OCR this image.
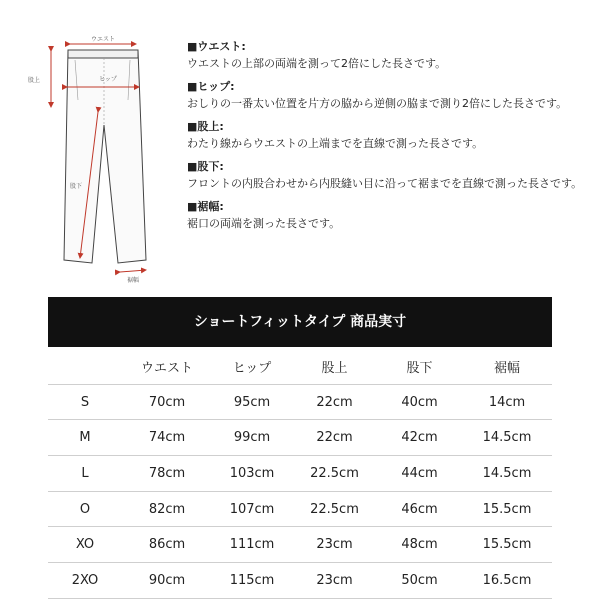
ウエスト
ヒップ
股上
股下
裾幅
■ウエスト:
ウエストの上部の両端を測って2倍にした長さです。
■ヒップ:
おしりの一番太い位置を片方の脇から逆側の脇まで測り2倍にした長さです。
■股上:
わたり線からウエストの上端までを直線で測った長さです。
■股下:
フロントの内股合わせから内股縫い目に沿って裾までを直線で測った長さです。
■裾幅:
裾口の両端を測った長さです。
ショートフィットタイプ 商品実寸
	ウエスト	ヒップ	股上	股下	裾幅
S	70cm	95cm	22cm	40cm	14cm
M	74cm	99cm	22cm	42cm	14.5cm
L	78cm	103cm	22.5cm	44cm	14.5cm
O	82cm	107cm	22.5cm	46cm	15.5cm
XO	86cm	111cm	23cm	48cm	15.5cm
2XO	90cm	115cm	23cm	50cm	16.5cm
